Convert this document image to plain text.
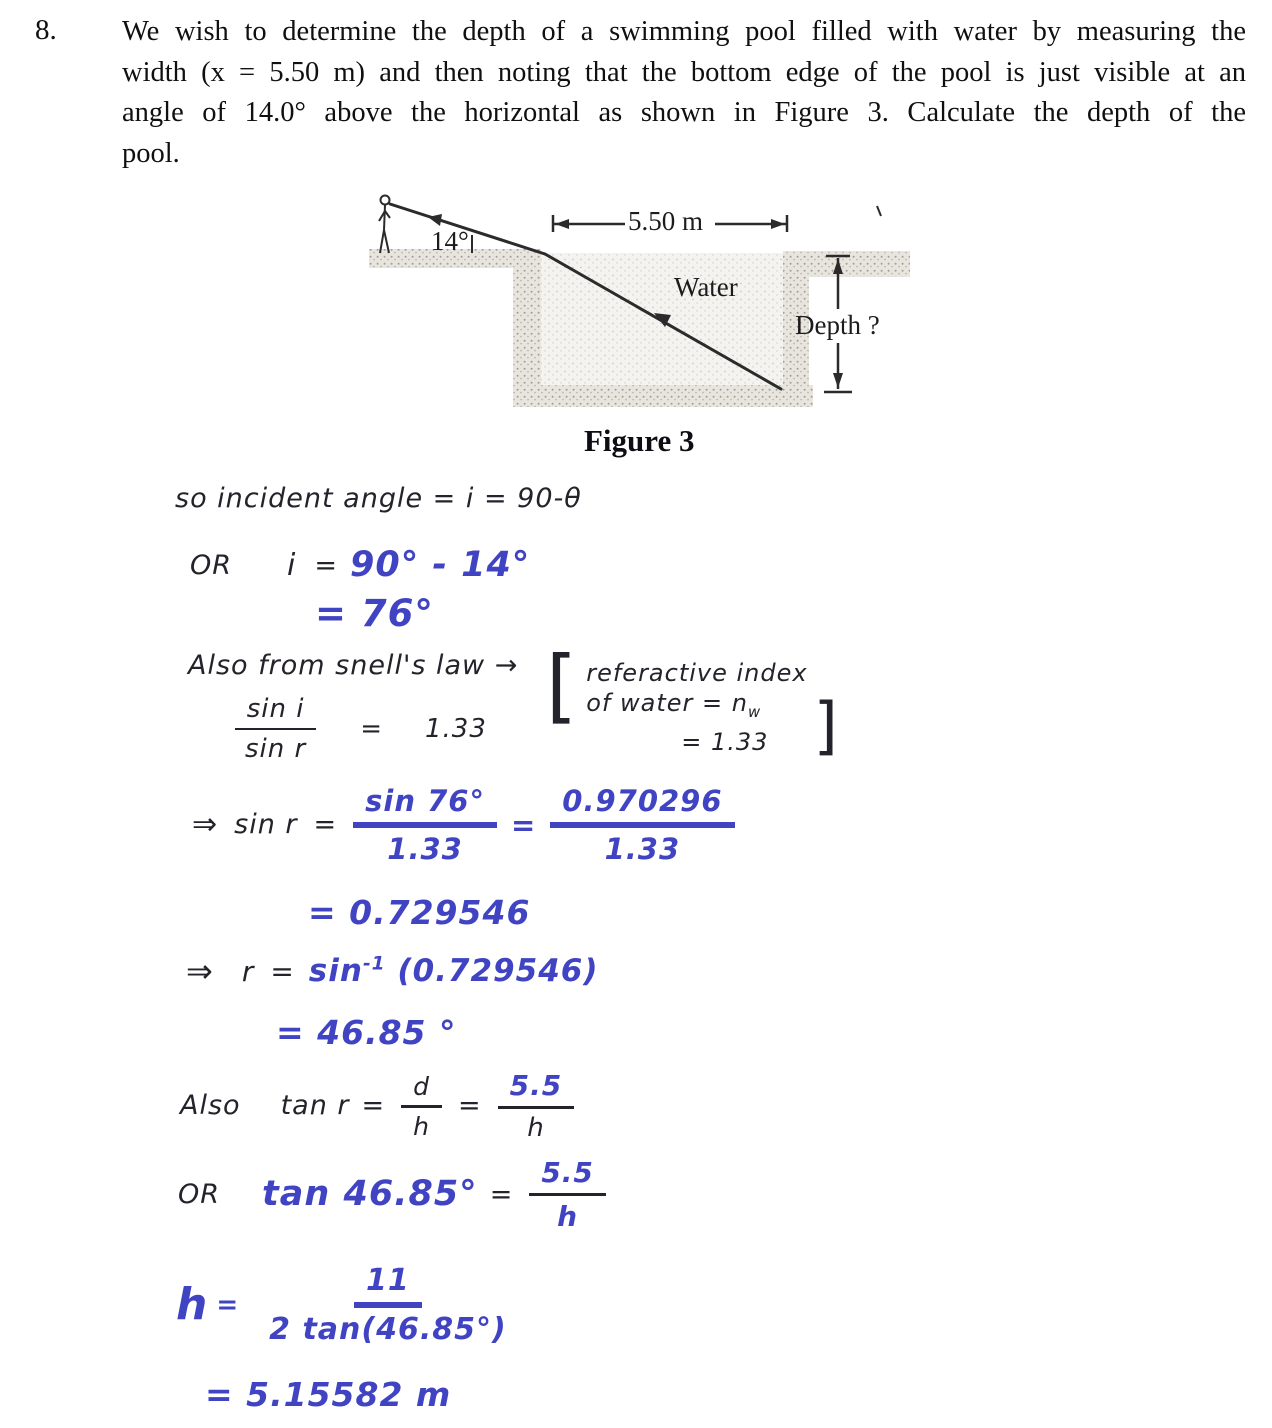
8. We wish to determine the depth of a swimming pool filled with water by measuring the
width (x = 5.50 m) and then noting that the bottom edge of the pool is just visible at an
angle of 14.0° above the horizontal as shown in Figure 3. Calculate the depth of the
pool.
5.50 m
14°
Water
Depth ?
Figure 3
so incident angle = i = 90-θ
OR i = 90° - 14°
= 76°
Also from snell's law →
$\frac{\text{sin i}}{\text{sin r}} = 1.33$ [ referactive index
of water = $n_w$
= 1.33 ]
⇒ $\sin r = \frac{\sin 76^\circ}{1.33} = \frac{0.970296}{1.33}$
= 0.729546
⇒ $r = \sin^{-1} (0.729546)$
= 46.85 °
Also $\tan r = \frac{d}{h} = \frac{5.5}{h}$
OR $\tan 46.85^\circ = \frac{5.5}{h}$
$h = \frac{11}{2 \tan(46.85^\circ)}$
= 5.15582 m
